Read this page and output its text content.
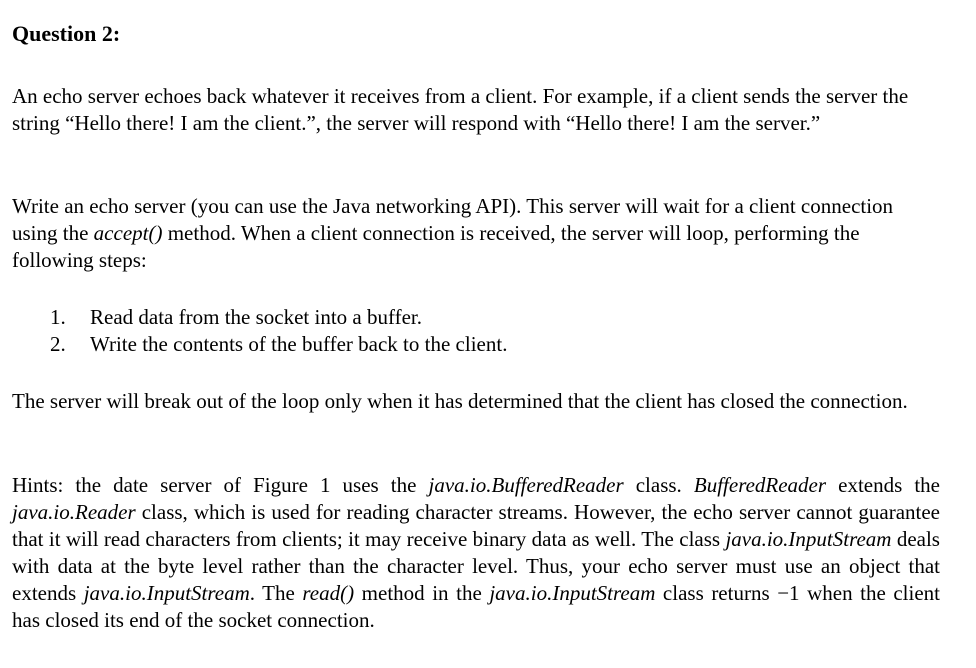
Question 2:

An echo server echoes back whatever it receives from a client. For example, if a client sends the server the string “Hello there! I am the client.”, the server will respond with “Hello there! I am the server.”

Write an echo server (you can use the Java networking API). This server will wait for a client connection using the accept() method. When a client connection is received, the server will loop, performing the following steps:

1.	Read data from the socket into a buffer.
2.	Write the contents of the buffer back to the client.

The server will break out of the loop only when it has determined that the client has closed the connection.

Hints: the date server of Figure 1 uses the java.io.BufferedReader class. BufferedReader extends the java.io.Reader class, which is used for reading character streams. However, the echo server cannot guarantee that it will read characters from clients; it may receive binary data as well. The class java.io.InputStream deals with data at the byte level rather than the character level. Thus, your echo server must use an object that extends java.io.InputStream. The read() method in the java.io.InputStream class returns −1 when the client has closed its end of the socket connection.
